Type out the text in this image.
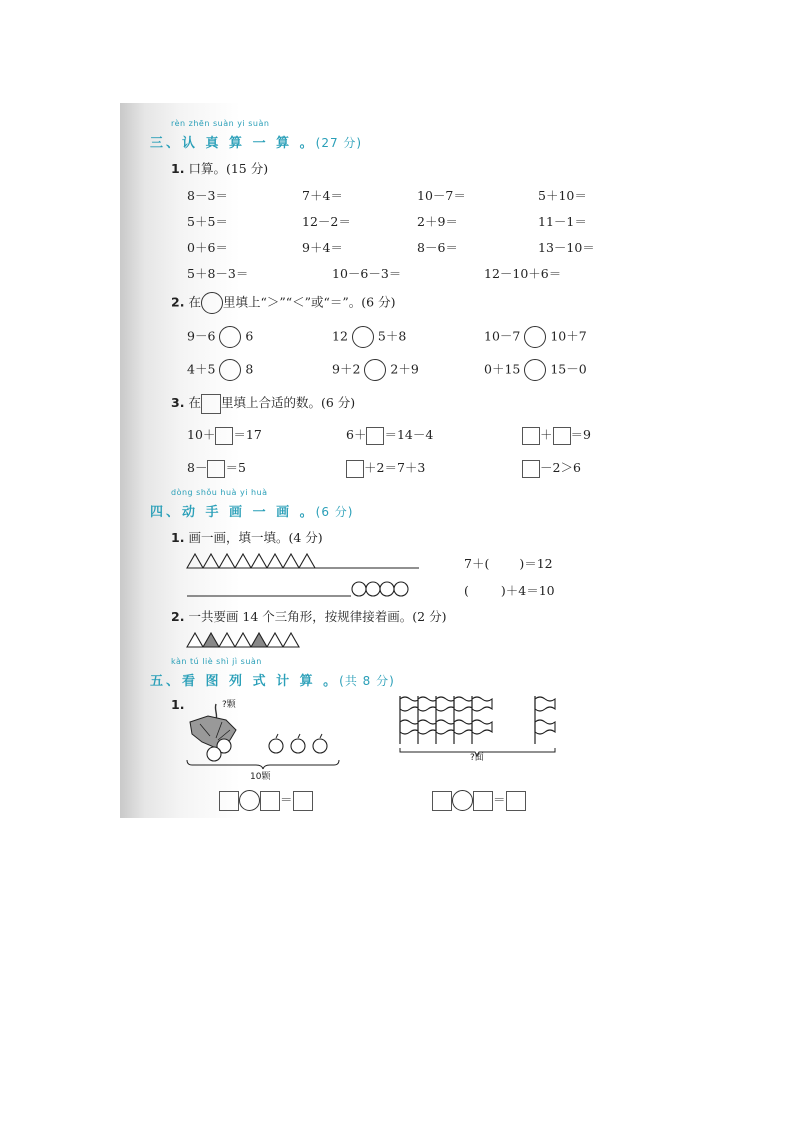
rèn zhēn suàn yi suàn
三、认 真 算 一 算 。(27 分)
1. 口算。(15 分)
8－3＝	7＋4＝	10－7＝	5＋10＝
5＋5＝	12－2＝	2＋9＝	11－1＝
0＋6＝	9＋4＝	8－6＝	13－10＝
5＋8－3＝	10－6－3＝	12－10＋6＝
2. 在 里填上“＞”“＜”或“＝”。(6 分)
9－6 6	12 5＋8	10－7 10＋7
4＋5 8	9＋2 2＋9	0＋15 15－0
3. 在 里填上合适的数。(6 分)
10＋ ＝17	6＋ ＝14－4	＋ ＝9
8－ ＝5	＋2＝7＋3	－2＞6
dòng shǒu huà yi huà
四、动 手 画 一 画 。(6 分)
1. 画一画，填一填。(4 分)
7＋( )＝12
(	)＋4＝10
2. 一共要画 14 个三角形，按规律接着画。(2 分)
kàn tú liè shì jì suàn
五、看 图 列 式 计 算 。(共 8 分)
1.	?颗
10颗
?面
＝	＝
